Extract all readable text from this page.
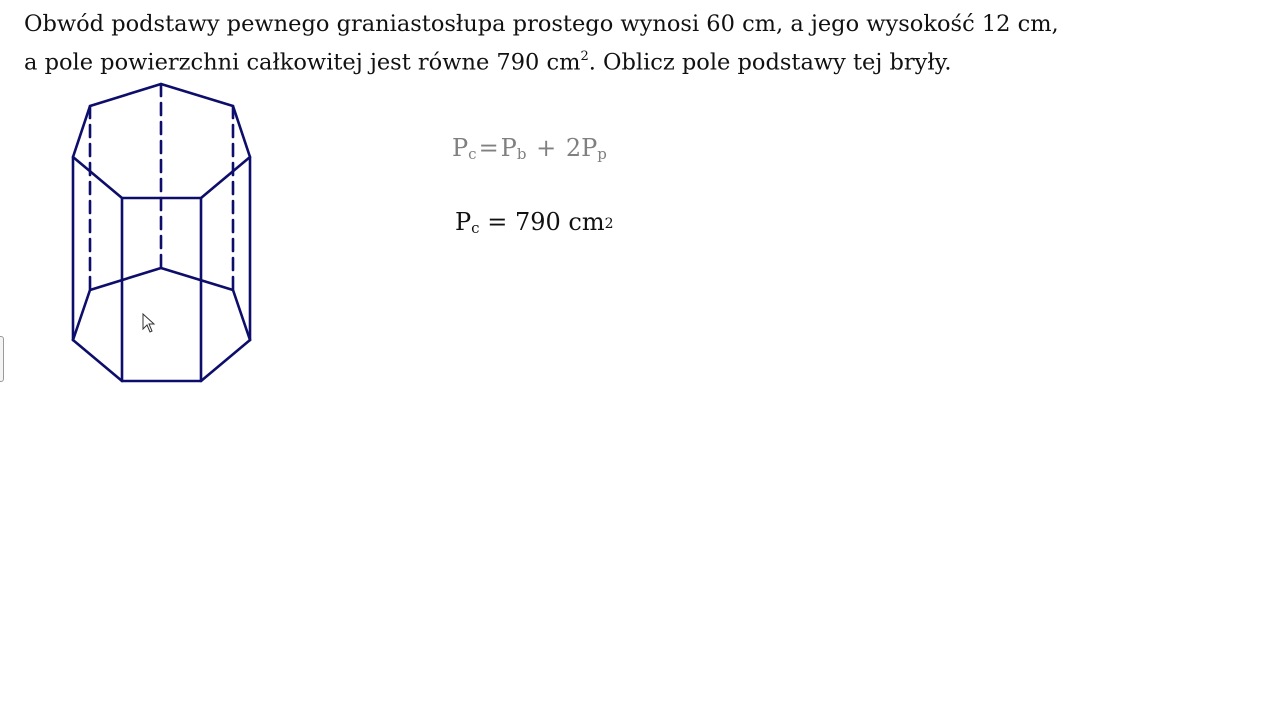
Obwód podstawy pewnego graniastosłupa prostego wynosi 60 cm, a jego wysokość 12 cm,
a pole powierzchni całkowitej jest równe 790 $cm^2$. Oblicz pole podstawy tej bryły.
$P_c=P_b + 2P_p$
$P_c = 790$ $cm^2$
